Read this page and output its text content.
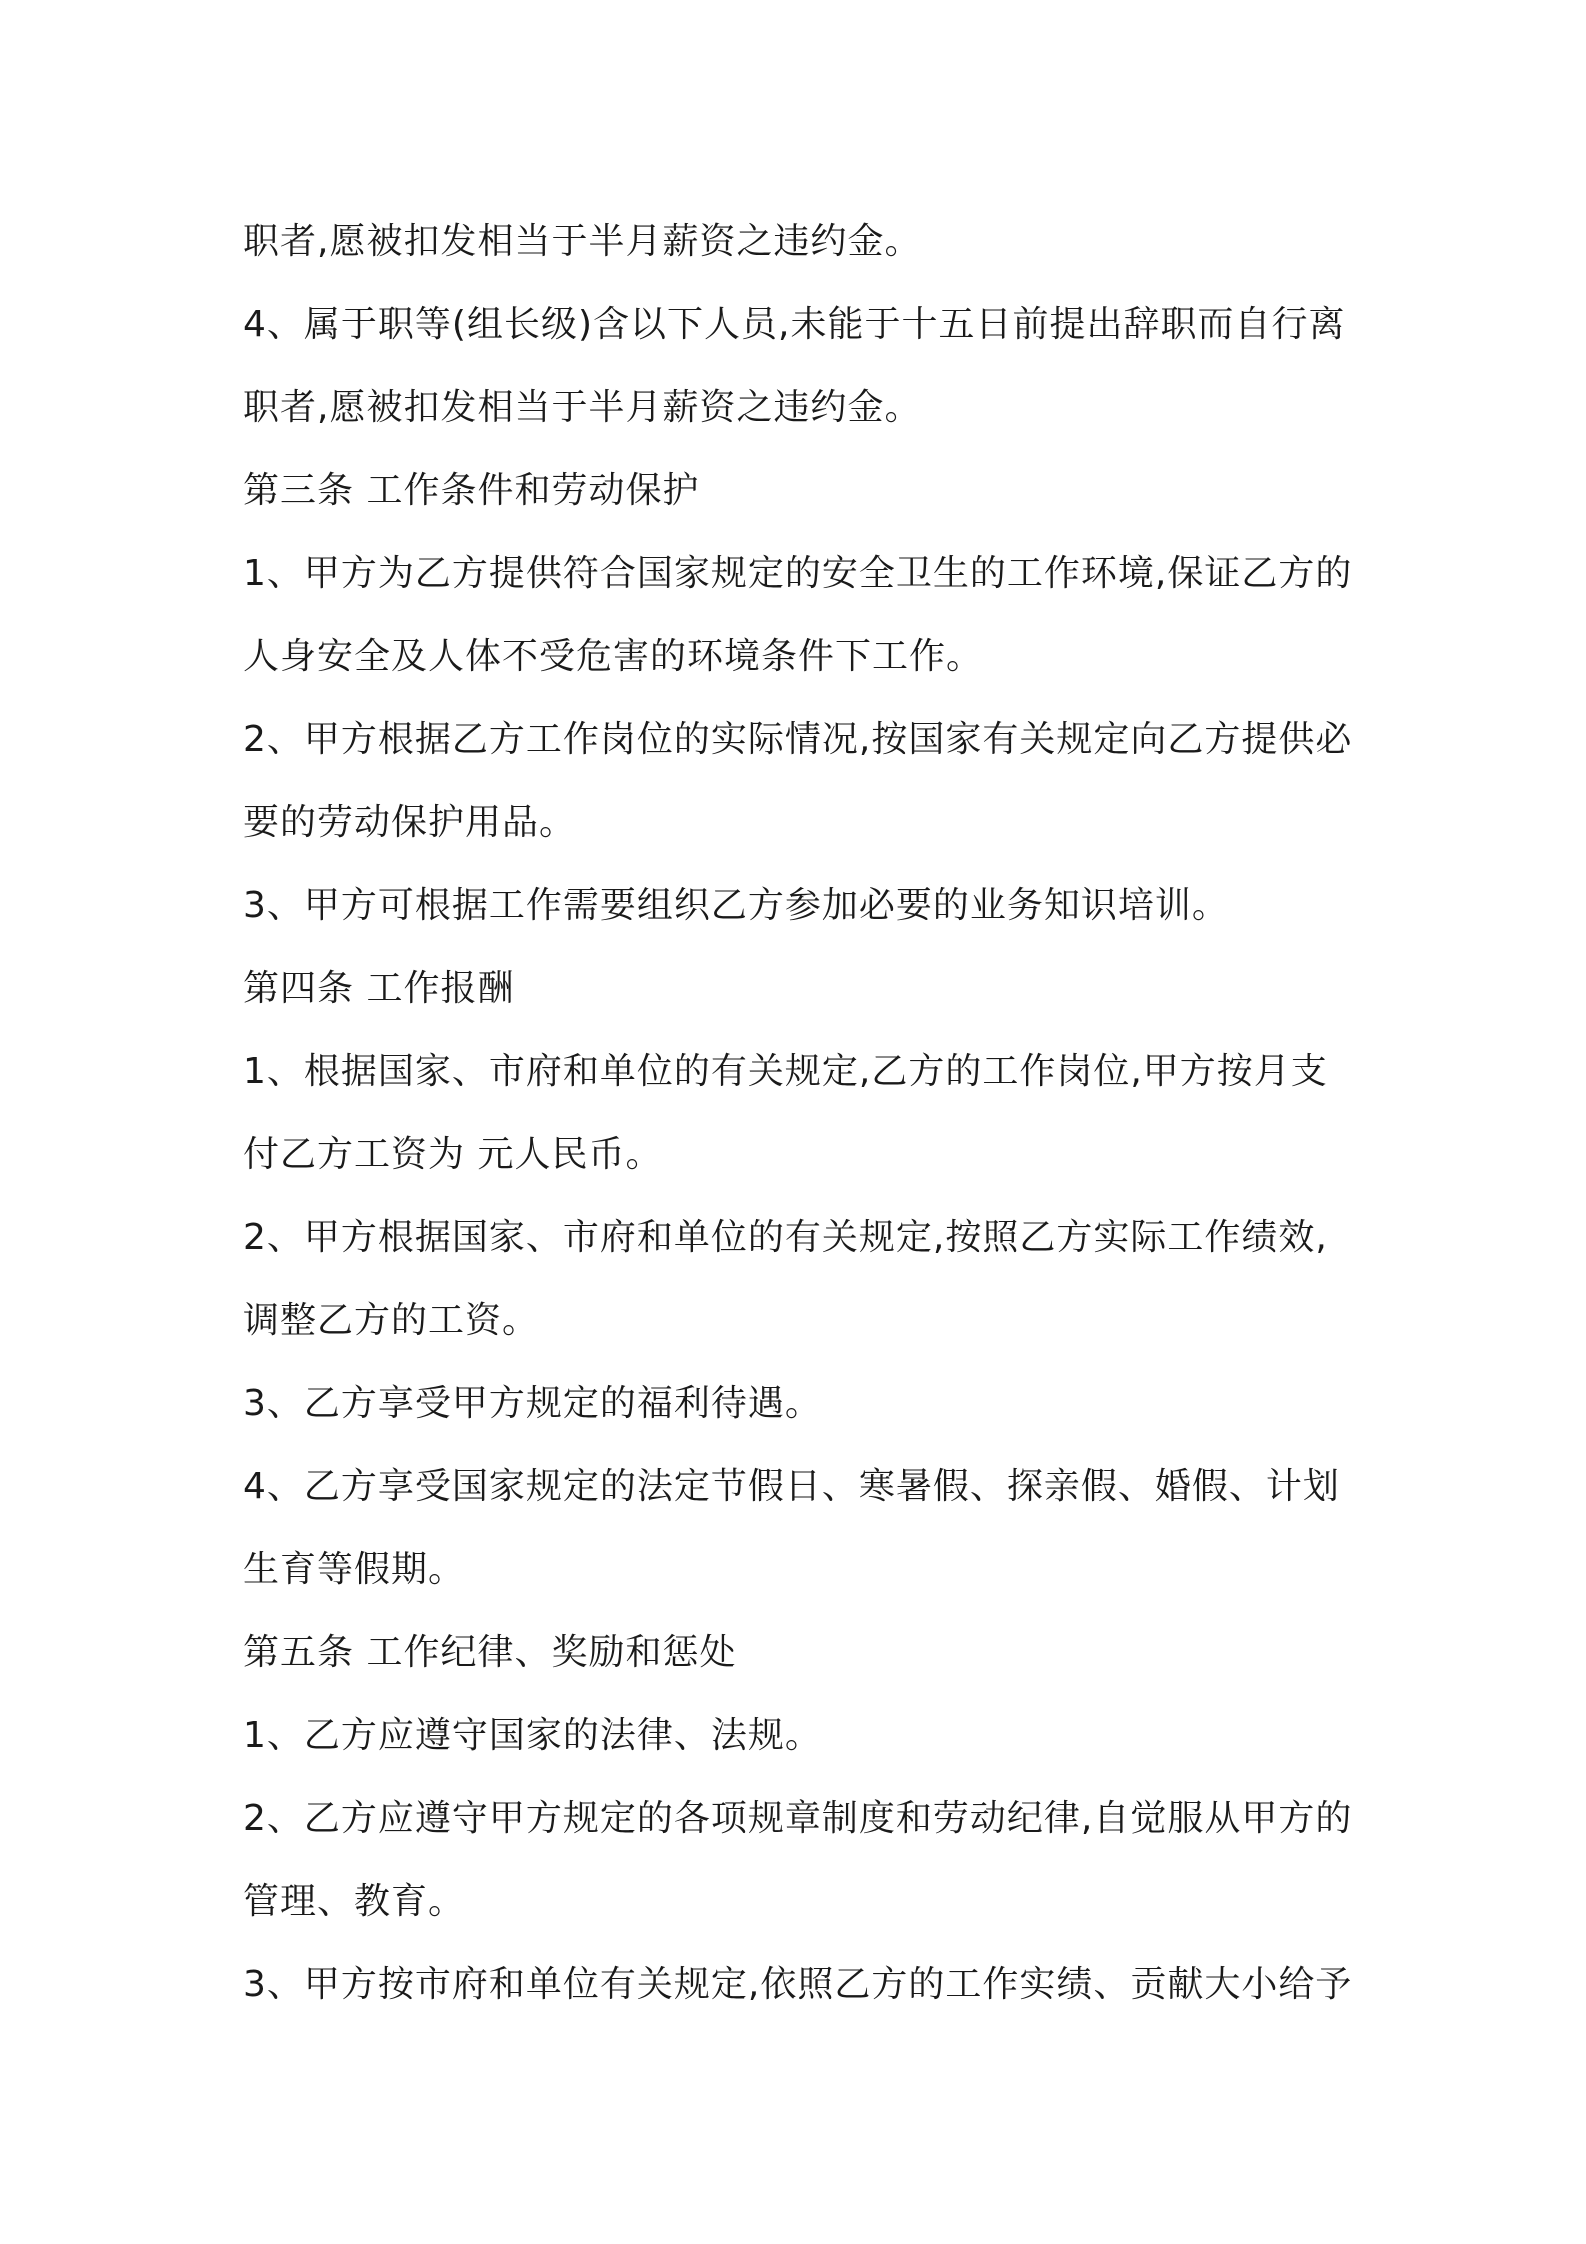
职者,愿被扣发相当于半月薪资之违约金。
4、属于职等(组长级)含以下人员,未能于十五日前提出辞职而自行离
职者,愿被扣发相当于半月薪资之违约金。
第三条 工作条件和劳动保护
1、甲方为乙方提供符合国家规定的安全卫生的工作环境,保证乙方的
人身安全及人体不受危害的环境条件下工作。
2、甲方根据乙方工作岗位的实际情况,按国家有关规定向乙方提供必
要的劳动保护用品。
3、甲方可根据工作需要组织乙方参加必要的业务知识培训。
第四条 工作报酬
1、根据国家、市府和单位的有关规定,乙方的工作岗位,甲方按月支
付乙方工资为 元人民币。
2、甲方根据国家、市府和单位的有关规定,按照乙方实际工作绩效,
调整乙方的工资。
3、乙方享受甲方规定的福利待遇。
4、乙方享受国家规定的法定节假日、寒暑假、探亲假、婚假、计划
生育等假期。
第五条 工作纪律、奖励和惩处
1、乙方应遵守国家的法律、法规。
2、乙方应遵守甲方规定的各项规章制度和劳动纪律,自觉服从甲方的
管理、教育。
3、甲方按市府和单位有关规定,依照乙方的工作实绩、贡献大小给予
